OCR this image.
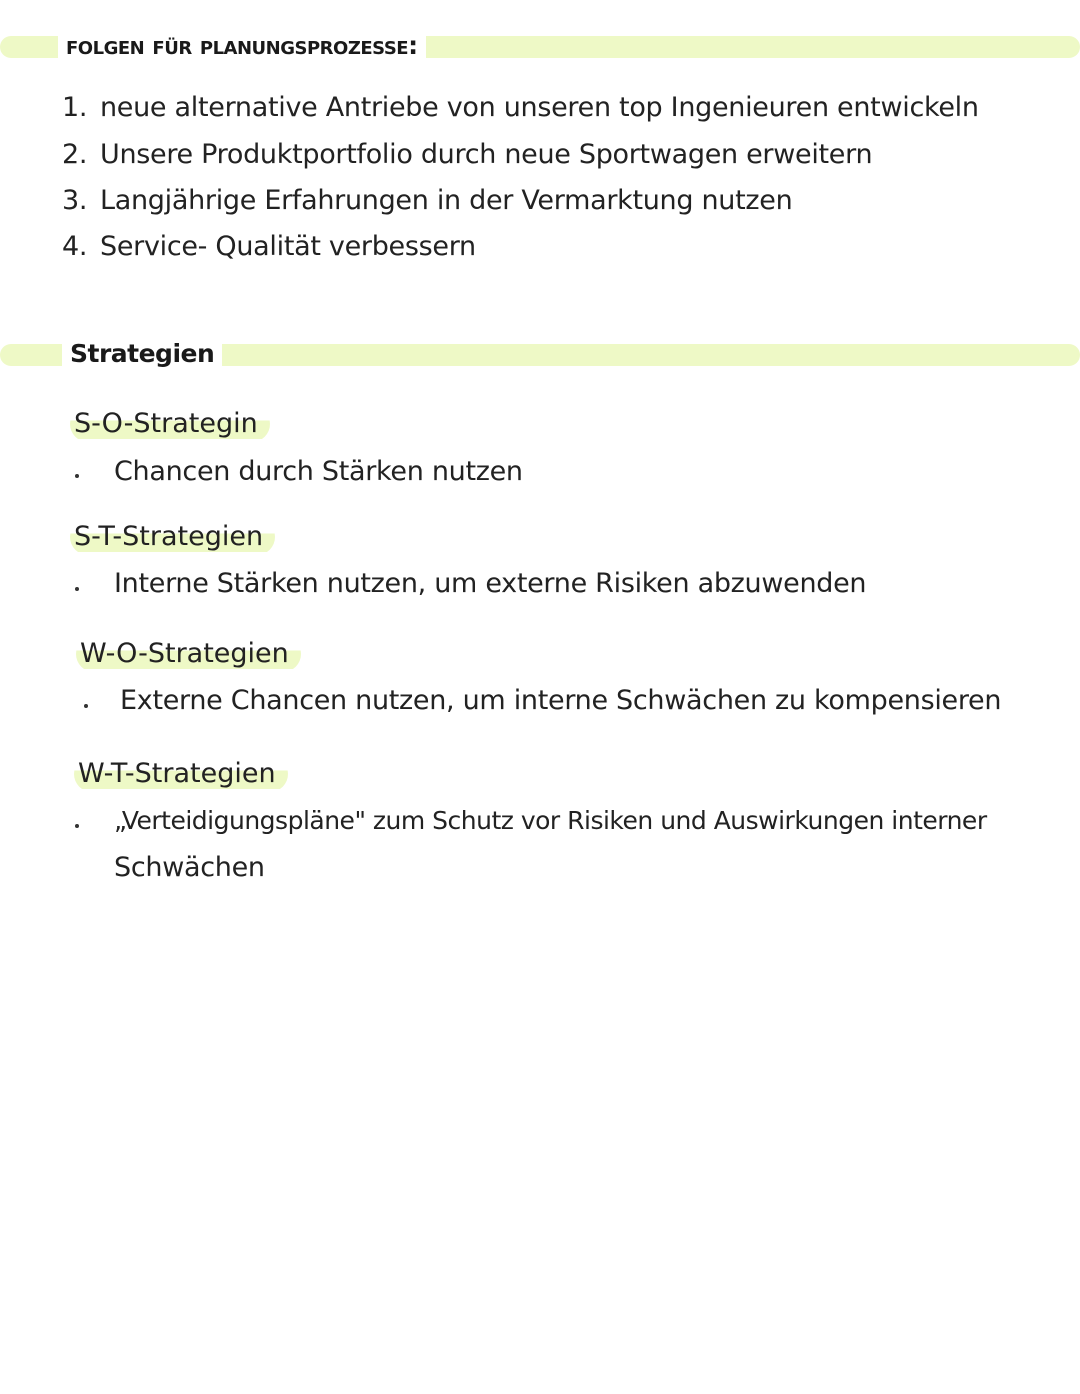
folgen für planungsprozesse:
1. neue alternative Antriebe von unseren top Ingenieuren entwickeln
2. Unsere Produktportfolio durch neue Sportwagen erweitern
3. Langjährige Erfahrungen in der Vermarktung nutzen
4. Service- Qualität verbessern
Strategien
S-O-Strategin
Chancen durch Stärken nutzen
S-T-Strategien
Interne Stärken nutzen, um externe Risiken abzuwenden
W-O-Strategien
Externe Chancen nutzen, um interne Schwächen zu kompensieren
W-T-Strategien
„Verteidigungspläne" zum Schutz vor Risiken und Auswirkungen interner
Schwächen
